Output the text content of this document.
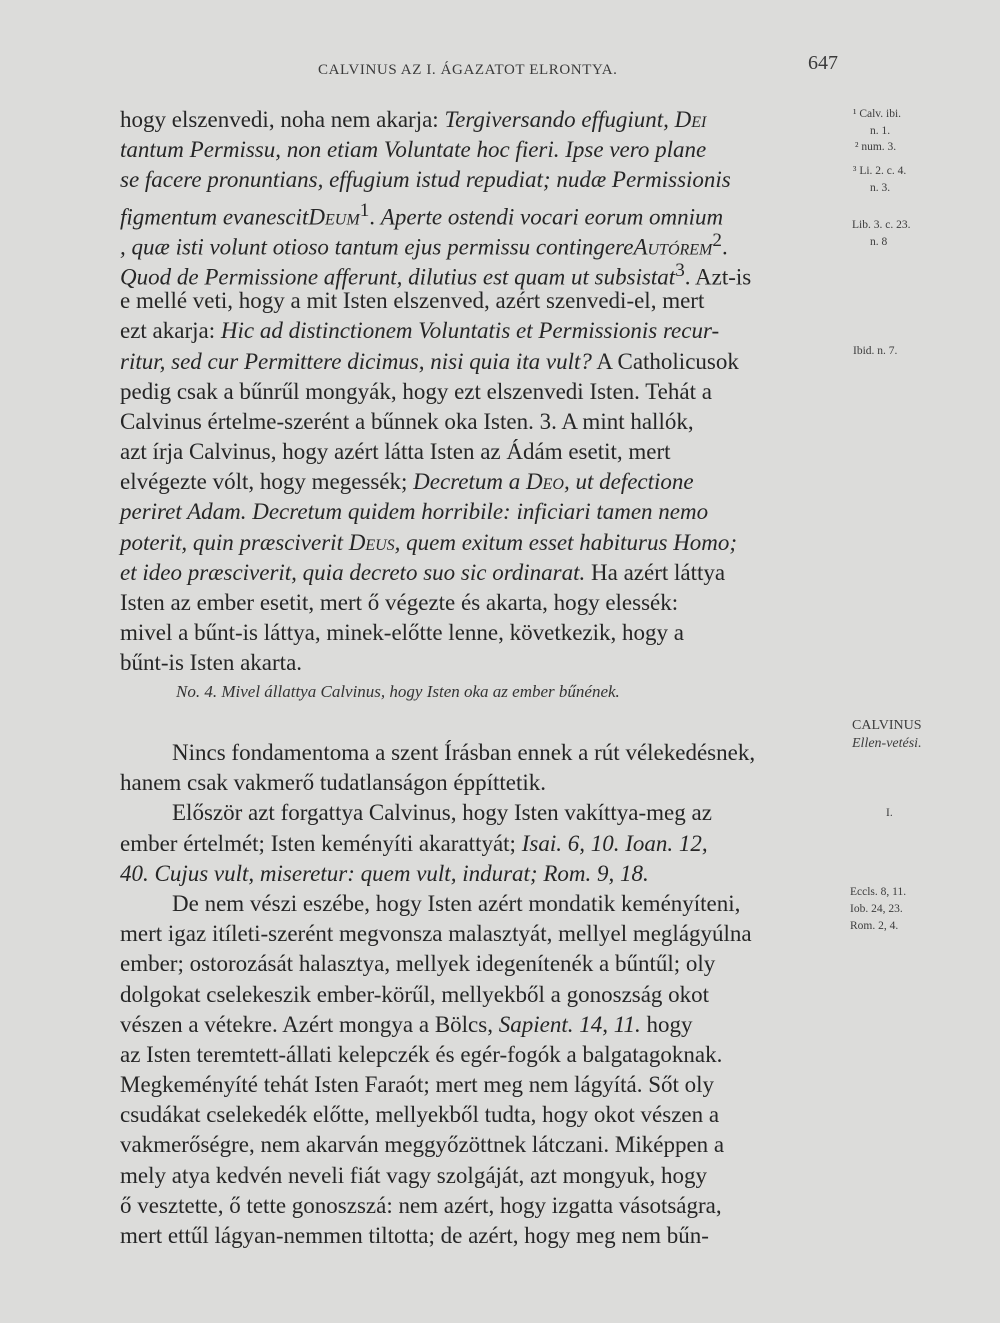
CALVINUS AZ I. ÁGAZATOT ELRONTYA.	647
hogy elszenvedi, noha nem akarja: Tergiversando effugiunt, Dei
tantum Permissu, non etiam Voluntate hoc fieri. Ipse vero plane
se facere pronuntians, effugium istud repudiat; nudæ Permissionis
figmentum evanescitDeum$^1$. Aperte ostendi vocari eorum omnium
, quæ isti volunt otioso tantum ejus permissu contingereAutórem$^2$.
Quod de Permissione afferunt, dilutius est quam ut subsistat$^3$. Azt-is
e mellé veti, hogy a mit Isten elszenved, azért szenvedi-el, mert
ezt akarja: Hic ad distinctionem Voluntatis et Permissionis recur-
ritur, sed cur Permittere dicimus, nisi quia ita vult? A Catholicusok
pedig csak a bűnrűl mongyák, hogy ezt elszenvedi Isten. Tehát a
Calvinus értelme-szerént a bűnnek oka Isten. 3. A mint hallók,
azt írja Calvinus, hogy azért látta Isten az Ádám esetit, mert
elvégezte vólt, hogy megessék; Decretum a Deo, ut defectione
periret Adam. Decretum quidem horribile: inficiari tamen nemo
poterit, quin præsciverit Deus, quem exitum esset habiturus Homo;
et ideo præsciverit, quia decreto suo sic ordinarat. Ha azért láttya
Isten az ember esetit, mert ő végezte és akarta, hogy elessék:
mivel a bűnt-is láttya, minek-előtte lenne, következik, hogy a
bűnt-is Isten akarta.
No. 4. Mivel állattya Calvinus, hogy Isten oka az ember bűnének.
Nincs fondamentoma a szent Írásban ennek a rút vélekedésnek,
hanem csak vakmerő tudatlanságon éppíttetik.
Először azt forgattya Calvinus, hogy Isten vakíttya-meg az
ember értelmét; Isten keményíti akarattyát; Isai. 6, 10. Ioan. 12,
40. Cujus vult, miseretur: quem vult, indurat; Rom. 9, 18.
De nem vészi eszébe, hogy Isten azért mondatik keményíteni,
mert igaz itíleti-szerént megvonsza malasztyát, mellyel meglágyúlna
ember; ostorozását halasztya, mellyek idegenítenék a bűntűl; oly
dolgokat cselekeszik ember-körűl, mellyekből a gonoszság okot
vészen a vétekre. Azért mongya a Bölcs, Sapient. 14, 11. hogy
az Isten teremtett-állati kelepczék és egér-fogók a balgatagoknak.
Megkeményíté tehát Isten Faraót; mert meg nem lágyítá. Sőt oly
csudákat cselekedék előtte, mellyekből tudta, hogy okot vészen a
vakmerőségre, nem akarván meggyőzöttnek látczani. Miképpen a
mely atya kedvén neveli fiát vagy szolgáját, azt mongyuk, hogy
ő vesztette, ő tette gonoszszá: nem azért, hogy izgatta vásotságra,
mert ettűl lágyan-nemmen tiltotta; de azért, hogy meg nem bűn-
¹ Calv. ibi.
n. 1.
² num. 3.
³ Li. 2. c. 4.
n. 3.
Lib. 3. c. 23.
n. 8
Ibid. n. 7.
CALVINUS
Ellen-vetési.
I.
Eccls. 8, 11.
Iob. 24, 23.
Rom. 2, 4.
